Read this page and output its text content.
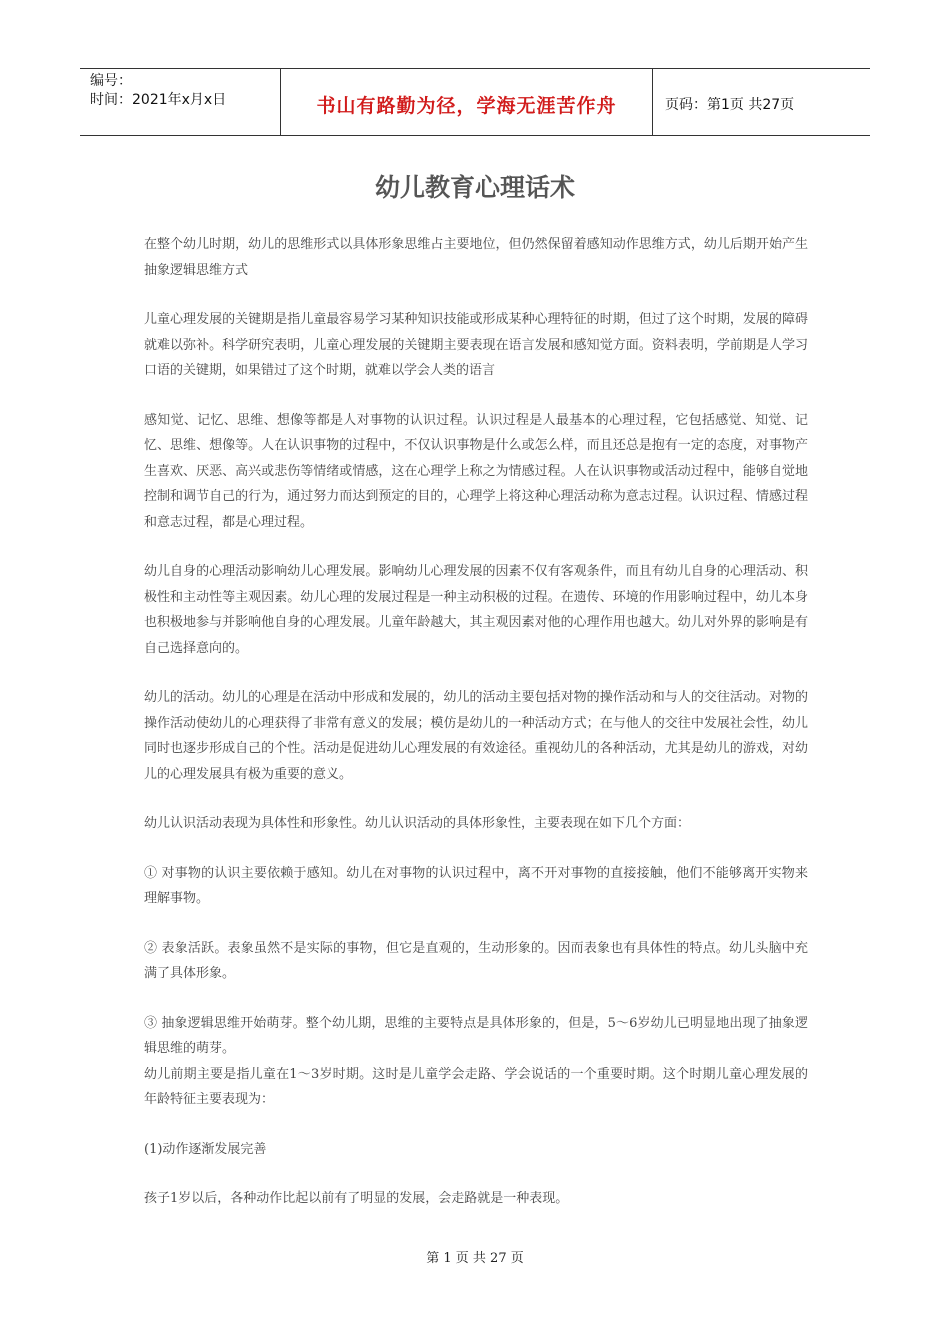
编号：
时间：2021年x月x日	书山有路勤为径，学海无涯苦作舟	页码：第1页 共27页
幼儿教育心理话术

在整个幼儿时期，幼儿的思维形式以具体形象思维占主要地位，但仍然保留着感知动作思维方式，幼儿后期开始产生抽象逻辑思维方式

儿童心理发展的关键期是指儿童最容易学习某种知识技能或形成某种心理特征的时期，但过了这个时期，发展的障碍就难以弥补。科学研究表明，儿童心理发展的关键期主要表现在语言发展和感知觉方面。资料表明，学前期是人学习口语的关键期，如果错过了这个时期，就难以学会人类的语言

感知觉、记忆、思维、想像等都是人对事物的认识过程。认识过程是人最基本的心理过程，它包括感觉、知觉、记忆、思维、想像等。人在认识事物的过程中，不仅认识事物是什么或怎么样，而且还总是抱有一定的态度，对事物产生喜欢、厌恶、高兴或悲伤等情绪或情感，这在心理学上称之为情感过程。人在认识事物或活动过程中，能够自觉地控制和调节自己的行为，通过努力而达到预定的目的，心理学上将这种心理活动称为意志过程。认识过程、情感过程和意志过程，都是心理过程。

幼儿自身的心理活动影响幼儿心理发展。影响幼儿心理发展的因素不仅有客观条件，而且有幼儿自身的心理活动、积极性和主动性等主观因素。幼儿心理的发展过程是一种主动积极的过程。在遗传、环境的作用影响过程中，幼儿本身也积极地参与并影响他自身的心理发展。儿童年龄越大，其主观因素对他的心理作用也越大。幼儿对外界的影响是有自己选择意向的。

幼儿的活动。幼儿的心理是在活动中形成和发展的，幼儿的活动主要包括对物的操作活动和与人的交往活动。对物的操作活动使幼儿的心理获得了非常有意义的发展；模仿是幼儿的一种活动方式；在与他人的交往中发展社会性，幼儿同时也逐步形成自己的个性。活动是促进幼儿心理发展的有效途径。重视幼儿的各种活动，尤其是幼儿的游戏，对幼儿的心理发展具有极为重要的意义。

幼儿认识活动表现为具体性和形象性。幼儿认识活动的具体形象性，主要表现在如下几个方面：

① 对事物的认识主要依赖于感知。幼儿在对事物的认识过程中，离不开对事物的直接接触，他们不能够离开实物来理解事物。

② 表象活跃。表象虽然不是实际的事物，但它是直观的，生动形象的。因而表象也有具体性的特点。幼儿头脑中充满了具体形象。

③ 抽象逻辑思维开始萌芽。整个幼儿期，思维的主要特点是具体形象的，但是，5～6岁幼儿已明显地出现了抽象逻辑思维的萌芽。

幼儿前期主要是指儿童在1～3岁时期。这时是儿童学会走路、学会说话的一个重要时期。这个时期儿童心理发展的年龄特征主要表现为：

(1)动作逐渐发展完善

孩子1岁以后，各种动作比起以前有了明显的发展，会走路就是一种表现。

第 1 页 共 27 页
